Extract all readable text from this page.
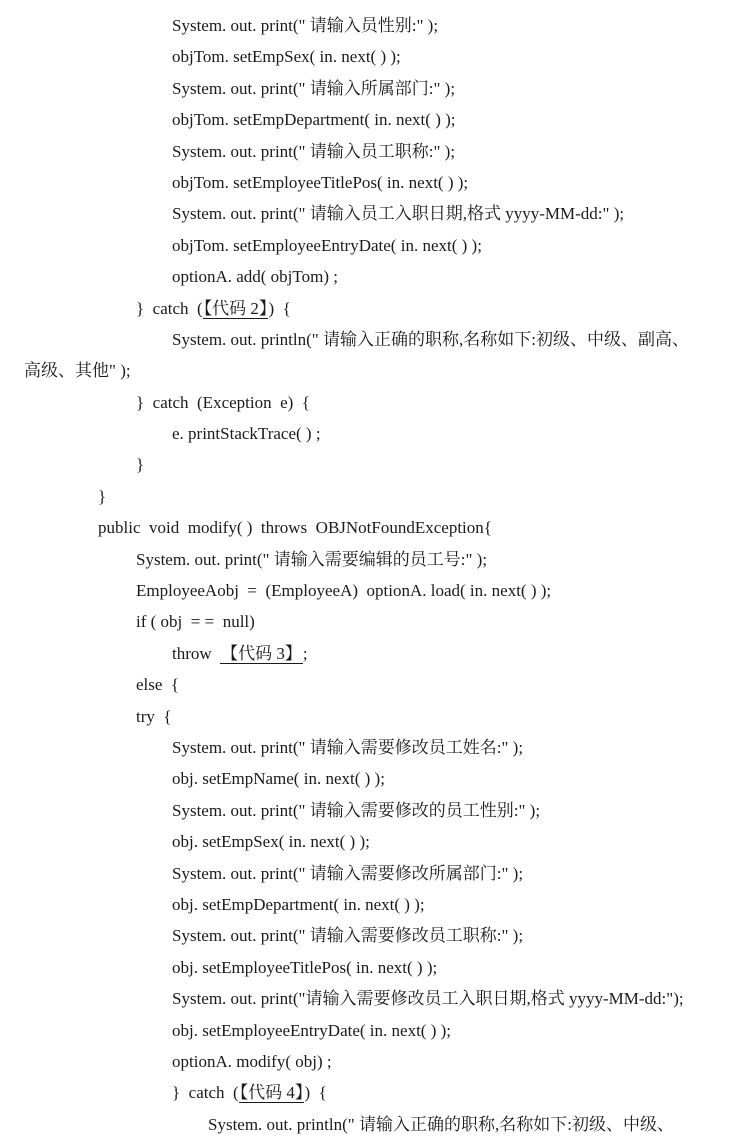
System. out. print(" 请输入员性别:" );
objTom. setEmpSex( in. next( ) );
System. out. print(" 请输入所属部门:" );
objTom. setEmpDepartment( in. next( ) );
System. out. print(" 请输入员工职称:" );
objTom. setEmployeeTitlePos( in. next( ) );
System. out. print(" 请输入员工入职日期,格式 yyyy-MM-dd:" );
objTom. setEmployeeEntryDate( in. next( ) );
optionA. add( objTom) ;
}  catch  (【代码 2】)  {
System. out. println(" 请输入正确的职称,名称如下:初级、中级、副高、
高级、其他" );
}  catch  (Exception  e)  {
e. printStackTrace( ) ;
}
}
public  void  modify( )  throws  OBJNotFoundException{
System. out. print(" 请输入需要编辑的员工号:" );
EmployeeAobj  =  (EmployeeA)  optionA. load( in. next( ) );
if ( obj  = =  null)
throw  【代码 3】;
else  {
try  {
System. out. print(" 请输入需要修改员工姓名:" );
obj. setEmpName( in. next( ) );
System. out. print(" 请输入需要修改的员工性别:" );
obj. setEmpSex( in. next( ) );
System. out. print(" 请输入需要修改所属部门:" );
obj. setEmpDepartment( in. next( ) );
System. out. print(" 请输入需要修改员工职称:" );
obj. setEmployeeTitlePos( in. next( ) );
System. out. print("请输入需要修改员工入职日期,格式 yyyy-MM-dd:");
obj. setEmployeeEntryDate( in. next( ) );
optionA. modify( obj) ;
}  catch  (【代码 4】)  {
System. out. println(" 请输入正确的职称,名称如下:初级、中级、
